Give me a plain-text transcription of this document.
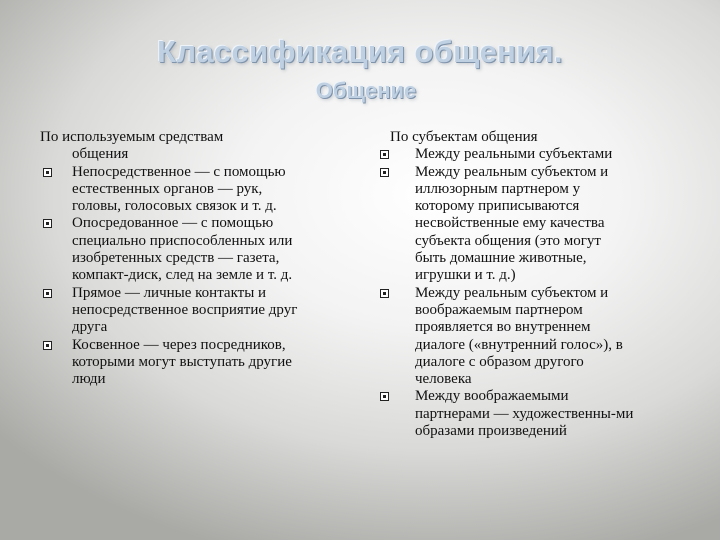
Классификация общения.
Общение
По используемым средствам
общения
Непосредственное — с помощью
естественных органов — рук,
головы, голосовых связок и т. д.
Опосредованное — с помощью
специально приспособленных или
изобретенных средств — газета,
компакт-диск, след на земле и т. д.
Прямое — личные контакты и
непосредственное восприятие друг
друга
Косвенное — через посредников,
которыми могут выступать другие
люди
По субъектам общения
Между реальными субъектами
Между реальным субъектом и
иллюзорным партнером у
которому приписываются
несвойственные ему качества
субъекта общения (это могут
быть домашние животные,
игрушки и т. д.)
Между реальным субъектом и
воображаемым партнером
проявляется во внутреннем
диалоге («внутренний голос»), в
диалоге с образом другого
человека
Между воображаемыми
партнерами — художественны-ми
образами произведений
